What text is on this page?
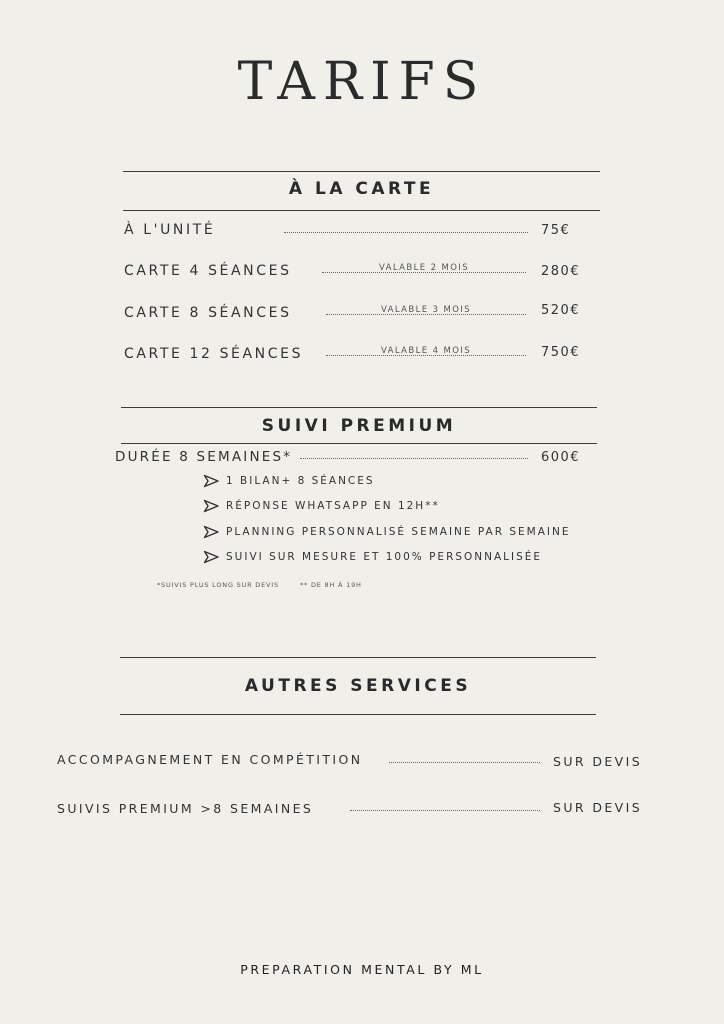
TARIFS
À LA CARTE
À L'UNITÉ	75€
CARTE 4 SÉANCES	VALABLE 2 MOIS	280€
CARTE 8 SÉANCES	VALABLE 3 MOIS	520€
CARTE 12 SÉANCES	VALABLE 4 MOIS	750€
SUIVI PREMIUM
DURÉE 8 SEMAINES*	600€
1 BILAN+ 8 SÉANCES
RÉPONSE WHATSAPP EN 12H**
PLANNING PERSONNALISÉ SEMAINE PAR SEMAINE
SUIVI SUR MESURE ET 100% PERSONNALISÉE
*SUIVIS PLUS LONG SUR DEVIS	** DE 8H À 19H
AUTRES SERVICES
ACCOMPAGNEMENT EN COMPÉTITION	SUR DEVIS
SUIVIS PREMIUM >8 SEMAINES	SUR DEVIS
PREPARATION MENTAL BY ML
